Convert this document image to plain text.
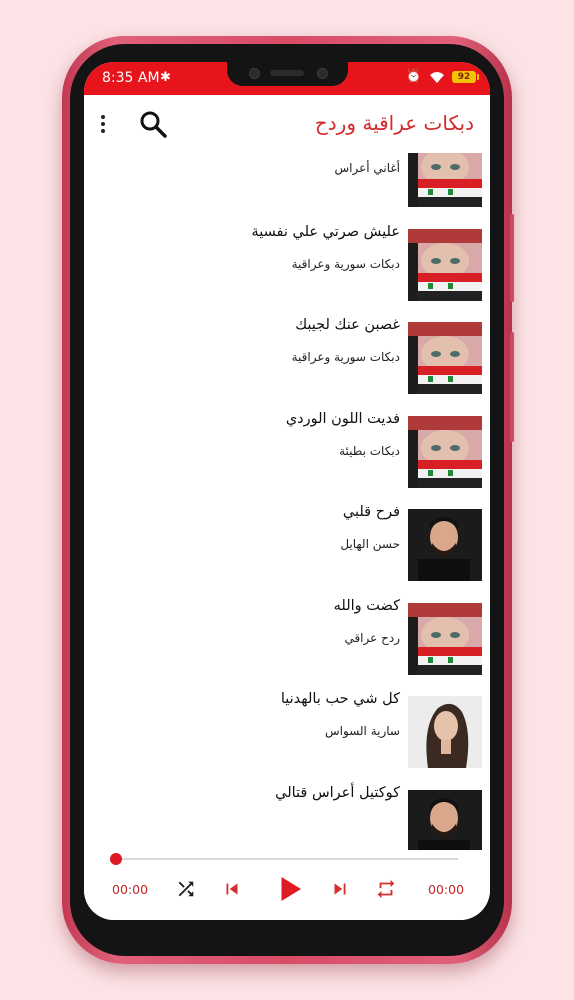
8:35 AM ✱	⏰	92
دبكات عراقية وردح
أغاني أعراس
عليش صرتي علي نفسية
دبكات سورية وعراقية
غصبن عنك لجيبك
دبكات سورية وعراقية
فديت اللون الوردي
دبكات بطيئة
فرح قلبي
حسن الهايل
كضت والله
ردح عراقي
كل شي حب بالهدنيا
سارية السواس
كوكتيل أعراس قتالي
00:00	00:00
